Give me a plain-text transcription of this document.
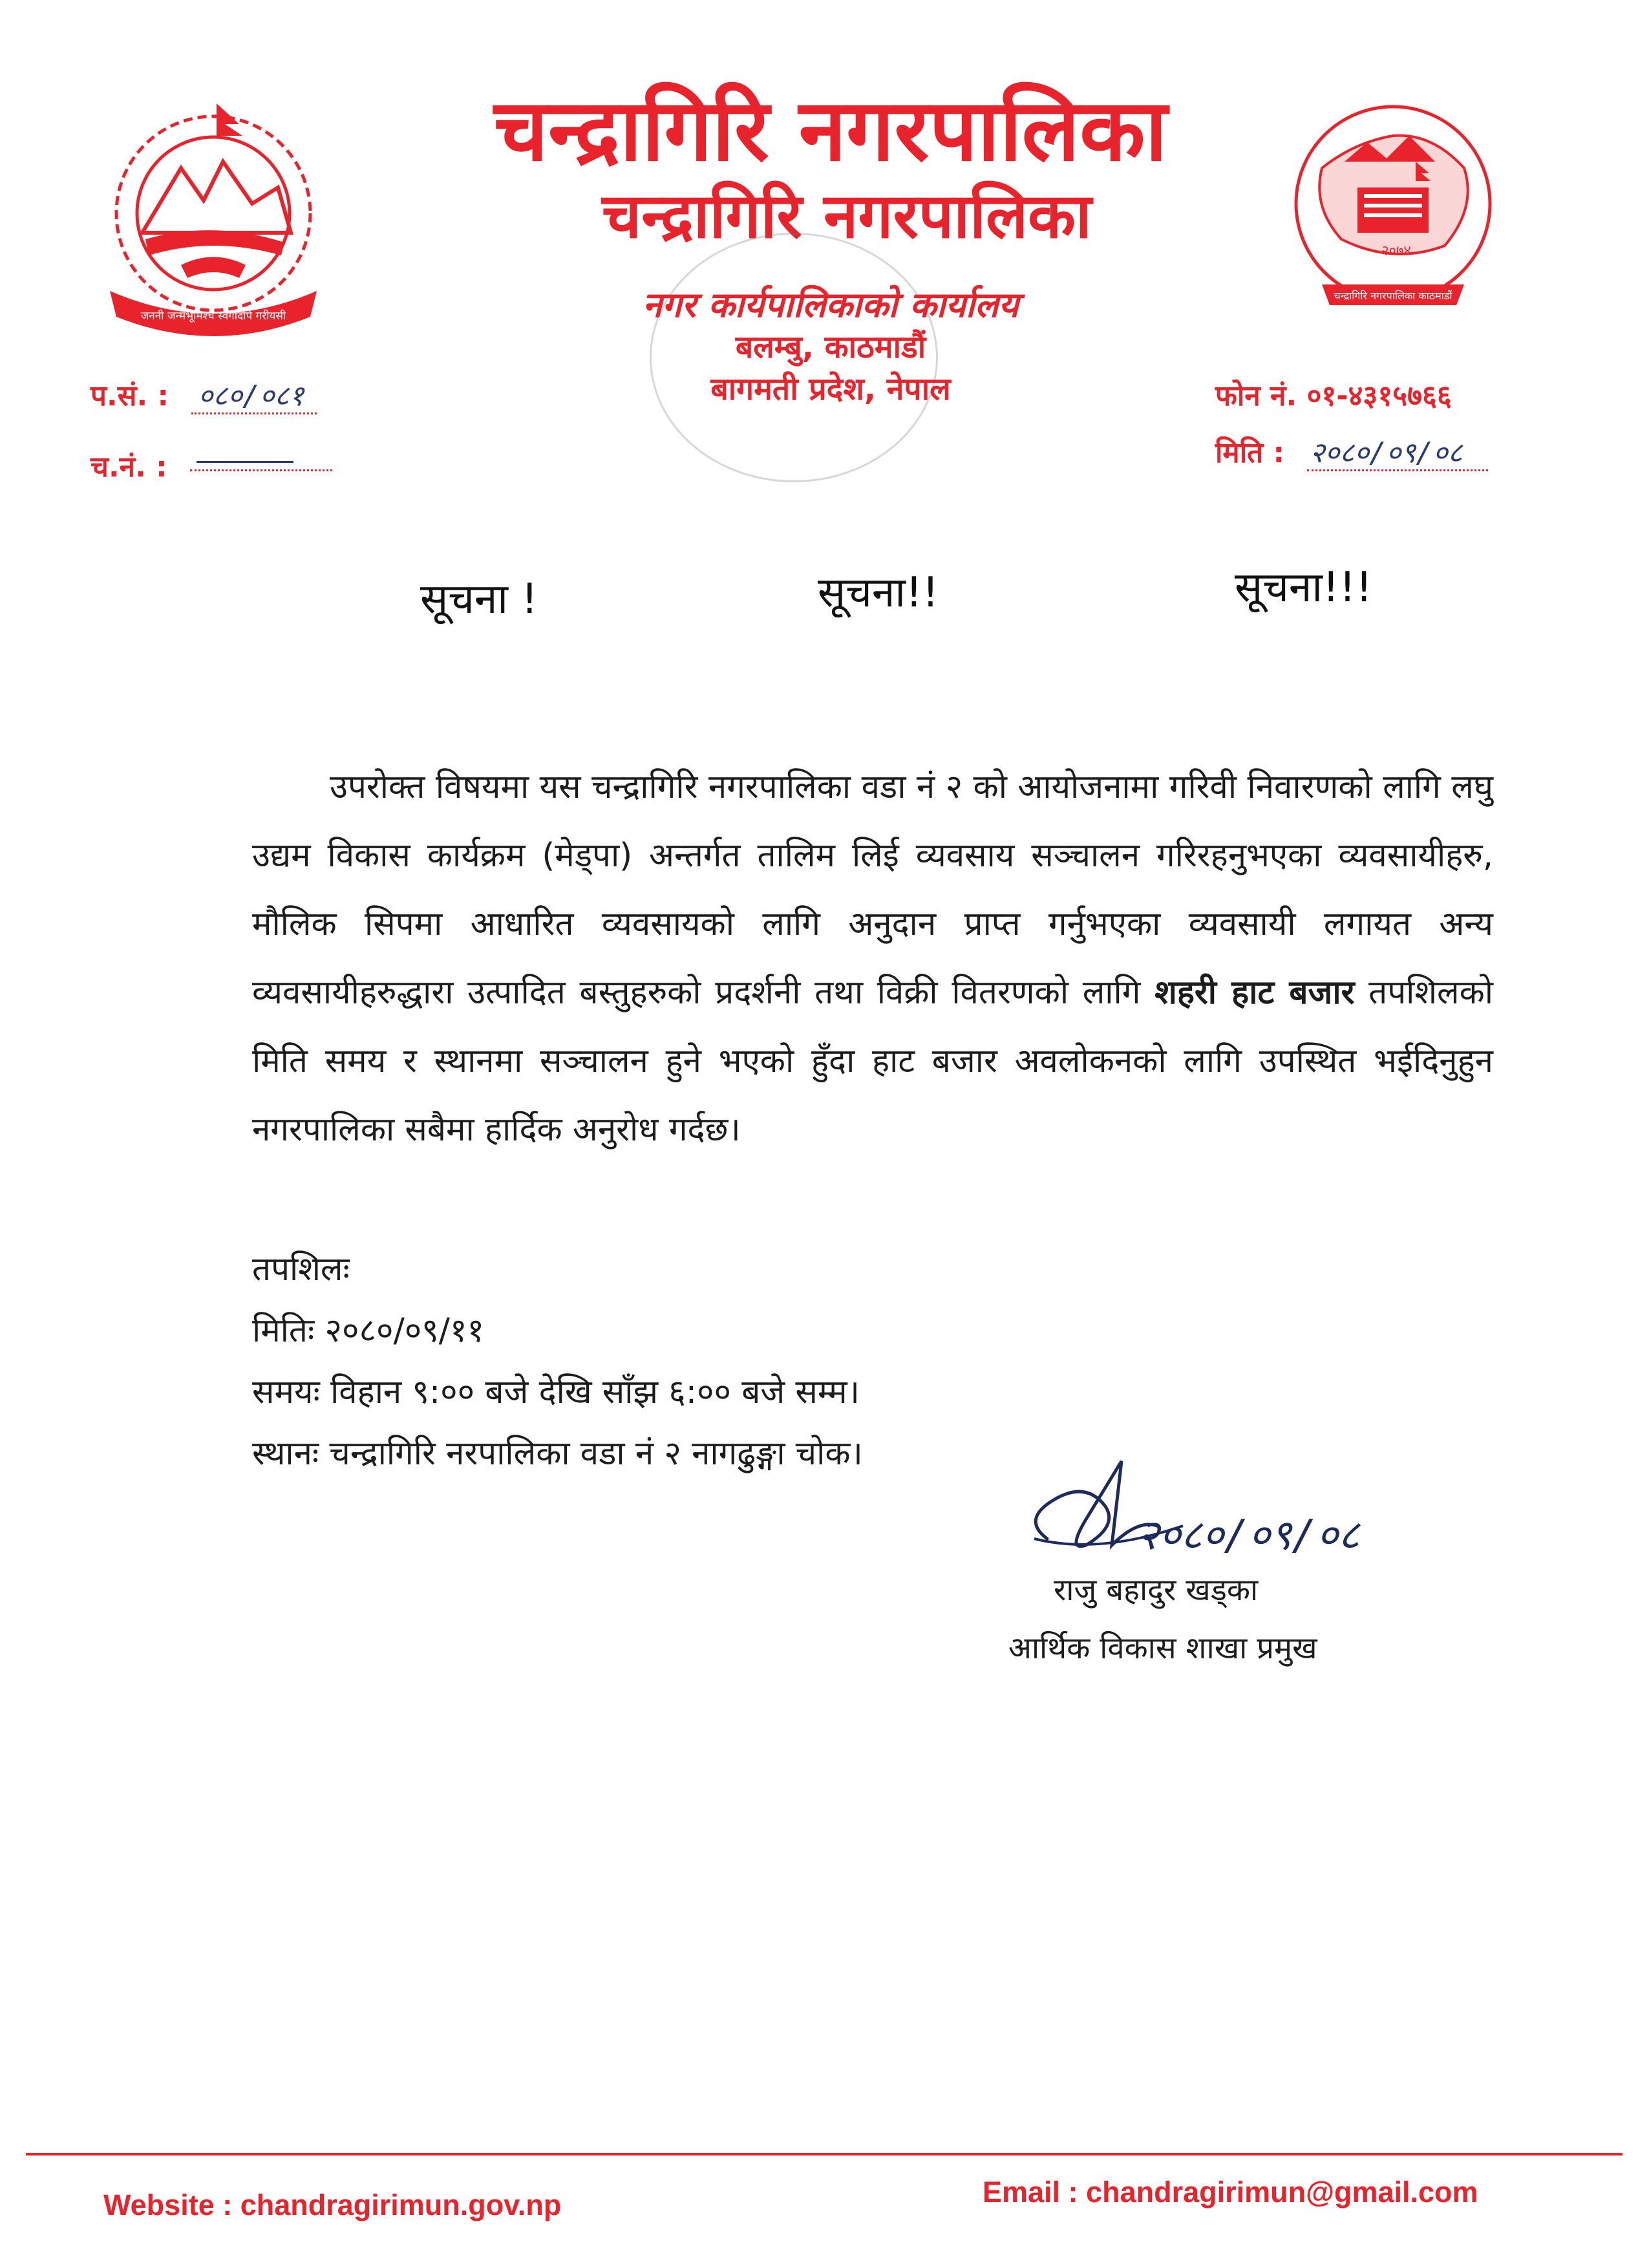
जननी जन्मभूमिश्च स्वर्गादपि गरीयसी
२०७४
चन्द्रागिरि नगरपालिका काठमाडौं
चन्द्रागिरि नगरपालिका
चन्द्रागिरि नगरपालिका
नगर कार्यपालिकाको कार्यालय
बलम्बु, काठमाडौं
बागमती प्रदेश, नेपाल
प.सं. : ०८०/०८१
च.नं. :
फोन नं. ०१-४३१५७६६
मिति : २०८०/०९/०८
सूचना !	सूचना!!	सूचना!!!
उपरोक्त विषयमा यस चन्द्रागिरि नगरपालिका वडा नं २ को आयोजनामा गरिवी निवारणको लागि लघु उद्यम विकास कार्यक्रम (मेड्पा) अन्तर्गत तालिम लिई व्यवसाय सञ्चालन गरिरहनुभएका व्यवसायीहरु, मौलिक सिपमा आधारित व्यवसायको लागि अनुदान प्राप्त गर्नुभएका व्यवसायी लगायत अन्य व्यवसायीहरुद्धारा उत्पादित बस्तुहरुको प्रदर्शनी तथा विक्री वितरणको लागि शहरी हाट बजार तपशिलको मिति समय र स्थानमा सञ्चालन हुने भएको हुँदा हाट बजार अवलोकनको लागि उपस्थित भईदिनुहुन नगरपालिका सबैमा हार्दिक अनुरोध गर्दछ।
तपशिलः
मितिः २०८०/०९/११
समयः विहान ९:०० बजे देखि साँझ ६:०० बजे सम्म।
स्थानः चन्द्रागिरि नरपालिका वडा नं २ नागढुङ्गा चोक।
२०८०/०९/०८
राजु बहादुर खड्का
आर्थिक विकास शाखा प्रमुख
Website : chandragirimun.gov.np	Email : chandragirimun@gmail.com
